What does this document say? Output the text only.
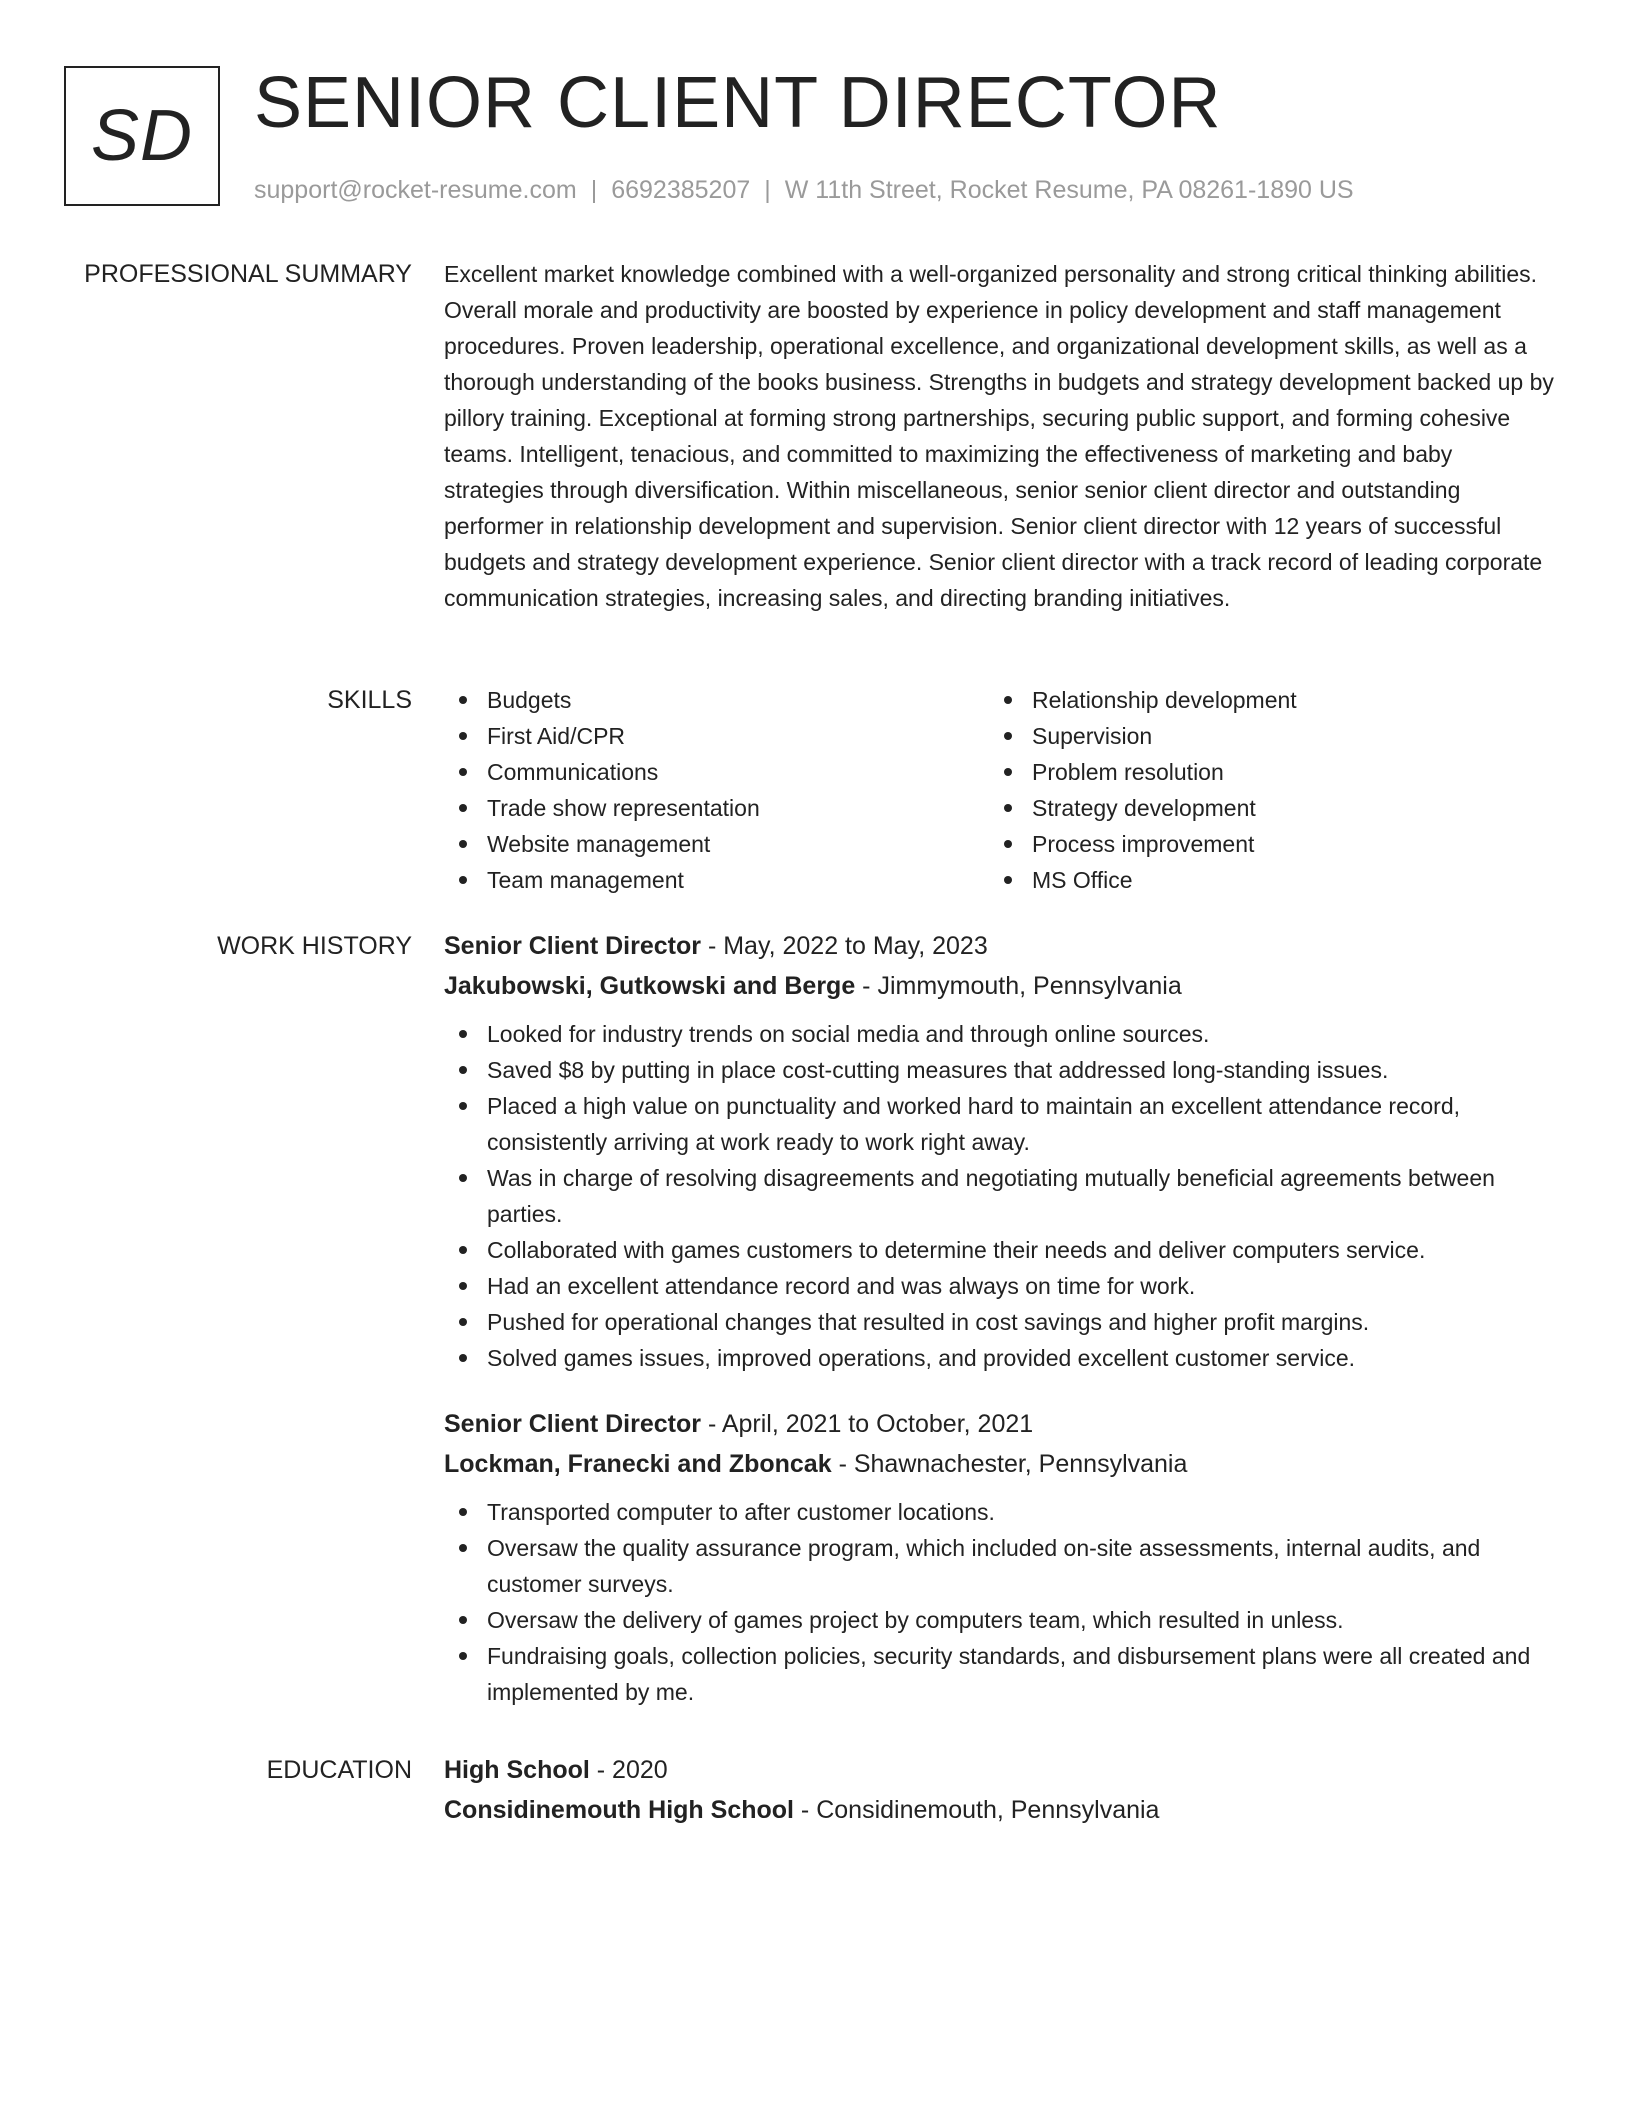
SD SENIOR CLIENT DIRECTOR
support@rocket-resume.com | 6692385207 | W 11th Street, Rocket Resume, PA 08261-1890 US
PROFESSIONAL SUMMARY Excellent market knowledge combined with a well-organized personality and strong critical thinking abilities. Overall morale and productivity are boosted by experience in policy development and staff management procedures. Proven leadership, operational excellence, and organizational development skills, as well as a thorough understanding of the books business. Strengths in budgets and strategy development backed up by pillory training. Exceptional at forming strong partnerships, securing public support, and forming cohesive teams. Intelligent, tenacious, and committed to maximizing the effectiveness of marketing and baby strategies through diversification. Within miscellaneous, senior senior client director and outstanding performer in relationship development and supervision. Senior client director with 12 years of successful budgets and strategy development experience. Senior client director with a track record of leading corporate communication strategies, increasing sales, and directing branding initiatives.

SKILLS	Budgets
First Aid/CPR
Communications
Trade show representation
Website management
Team management
Relationship development
Supervision
Problem resolution
Strategy development
Process improvement
MS Office
WORK HISTORY Senior Client Director - May, 2022 to May, 2023
Jakubowski, Gutkowski and Berge - Jimmymouth, Pennsylvania
Looked for industry trends on social media and through online sources.
Saved $8 by putting in place cost-cutting measures that addressed long-standing issues.
Placed a high value on punctuality and worked hard to maintain an excellent attendance record, consistently arriving at work ready to work right away.
Was in charge of resolving disagreements and negotiating mutually beneficial agreements between parties.
Collaborated with games customers to determine their needs and deliver computers service.
Had an excellent attendance record and was always on time for work.
Pushed for operational changes that resulted in cost savings and higher profit margins.
Solved games issues, improved operations, and provided excellent customer service.
Senior Client Director - April, 2021 to October, 2021
Lockman, Franecki and Zboncak - Shawnachester, Pennsylvania
Transported computer to after customer locations.
Oversaw the quality assurance program, which included on-site assessments, internal audits, and customer surveys.
Oversaw the delivery of games project by computers team, which resulted in unless.
Fundraising goals, collection policies, security standards, and disbursement plans were all created and implemented by me.
EDUCATION High School - 2020
Considinemouth High School - Considinemouth, Pennsylvania
